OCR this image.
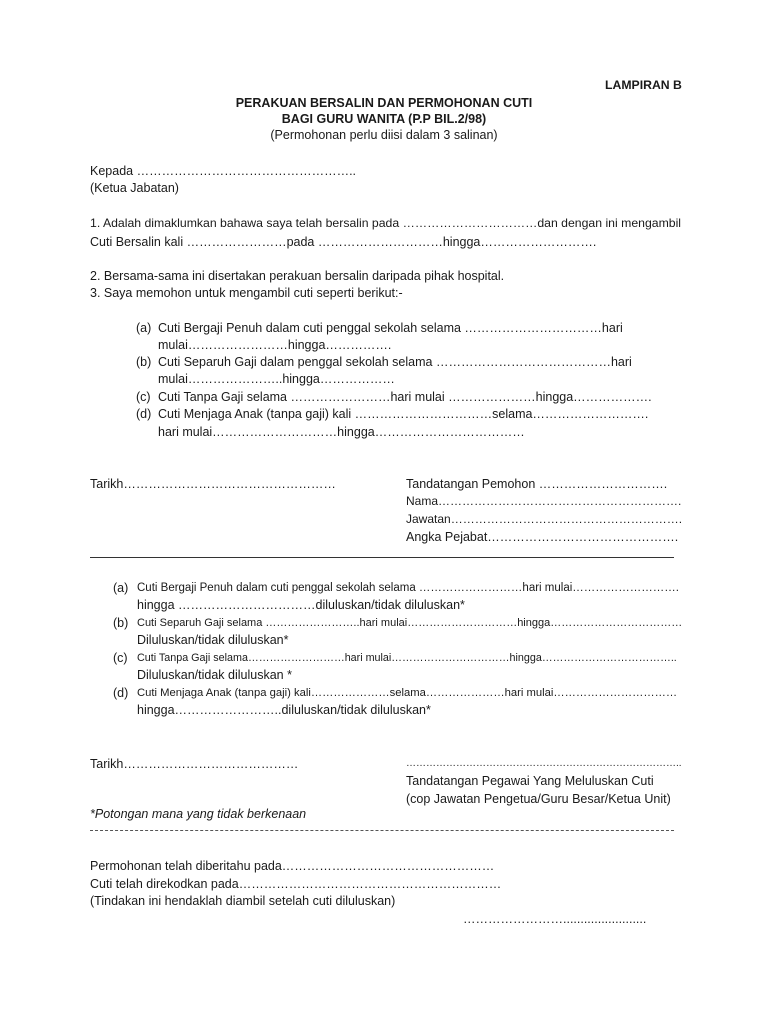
LAMPIRAN B
PERAKUAN BERSALIN DAN PERMOHONAN CUTI
BAGI GURU WANITA (P.P BIL.2/98)
(Permohonan perlu diisi dalam 3 salinan)
Kepada ……………………………………………..
(Ketua Jabatan)
1. Adalah dimaklumkan bahawa saya telah bersalin pada ……………………………dan dengan ini mengambil
Cuti Bersalin kali ……………………pada …………………………hingga……………………….
2. Bersama-sama ini disertakan perakuan bersalin daripada pihak hospital.
3. Saya memohon untuk mengambil cuti seperti berikut:-
(a) Cuti Bergaji Penuh dalam cuti penggal sekolah selama ……………………………hari
mulai……………………hingga…………….
(b) Cuti Separuh Gaji dalam penggal sekolah selama ……………………………………hari
mulai…………………..hingga………………
(c) Cuti Tanpa Gaji selama ……………………hari mulai …………………hingga……………….
(d) Cuti Menjaga Anak (tanpa gaji) kali ……………………………selama……………………….
hari mulai…………………………hingga………………………………
Tarikh……………………………………………	Tandatangan Pemohon ………………………….
Nama…………………………………………………….
Jawatan………………………………………………….
Angka Pejabat……………………………………….
(a) Cuti Bergaji Penuh dalam cuti penggal sekolah selama ………………………hari mulai……………………….
hingga ……………………………diluluskan/tidak diluluskan*
(b) Cuti Separuh Gaji selama ……………………..hari mulai…………………………hingga………………………………
Diluluskan/tidak diluluskan*
(c) Cuti Tanpa Gaji selama………………………hari mulai……………………………hingga………………………………..
Diluluskan/tidak diluluskan *
(d) Cuti Menjaga Anak (tanpa gaji) kali…………………selama…………………hari mulai……………………………
hingga……………………..diluluskan/tidak diluluskan*
Tarikh……………………………………	………………………………………………………………………..
Tandatangan Pegawai Yang Meluluskan Cuti
(cop Jawatan Pengetua/Guru Besar/Ketua Unit)
*Potongan mana yang tidak berkenaan
Permohonan telah diberitahu pada……………………………………………
Cuti telah direkodkan pada………………………………………………………
(Tindakan ini hendaklah diambil setelah cuti diluluskan)
……………………........................
